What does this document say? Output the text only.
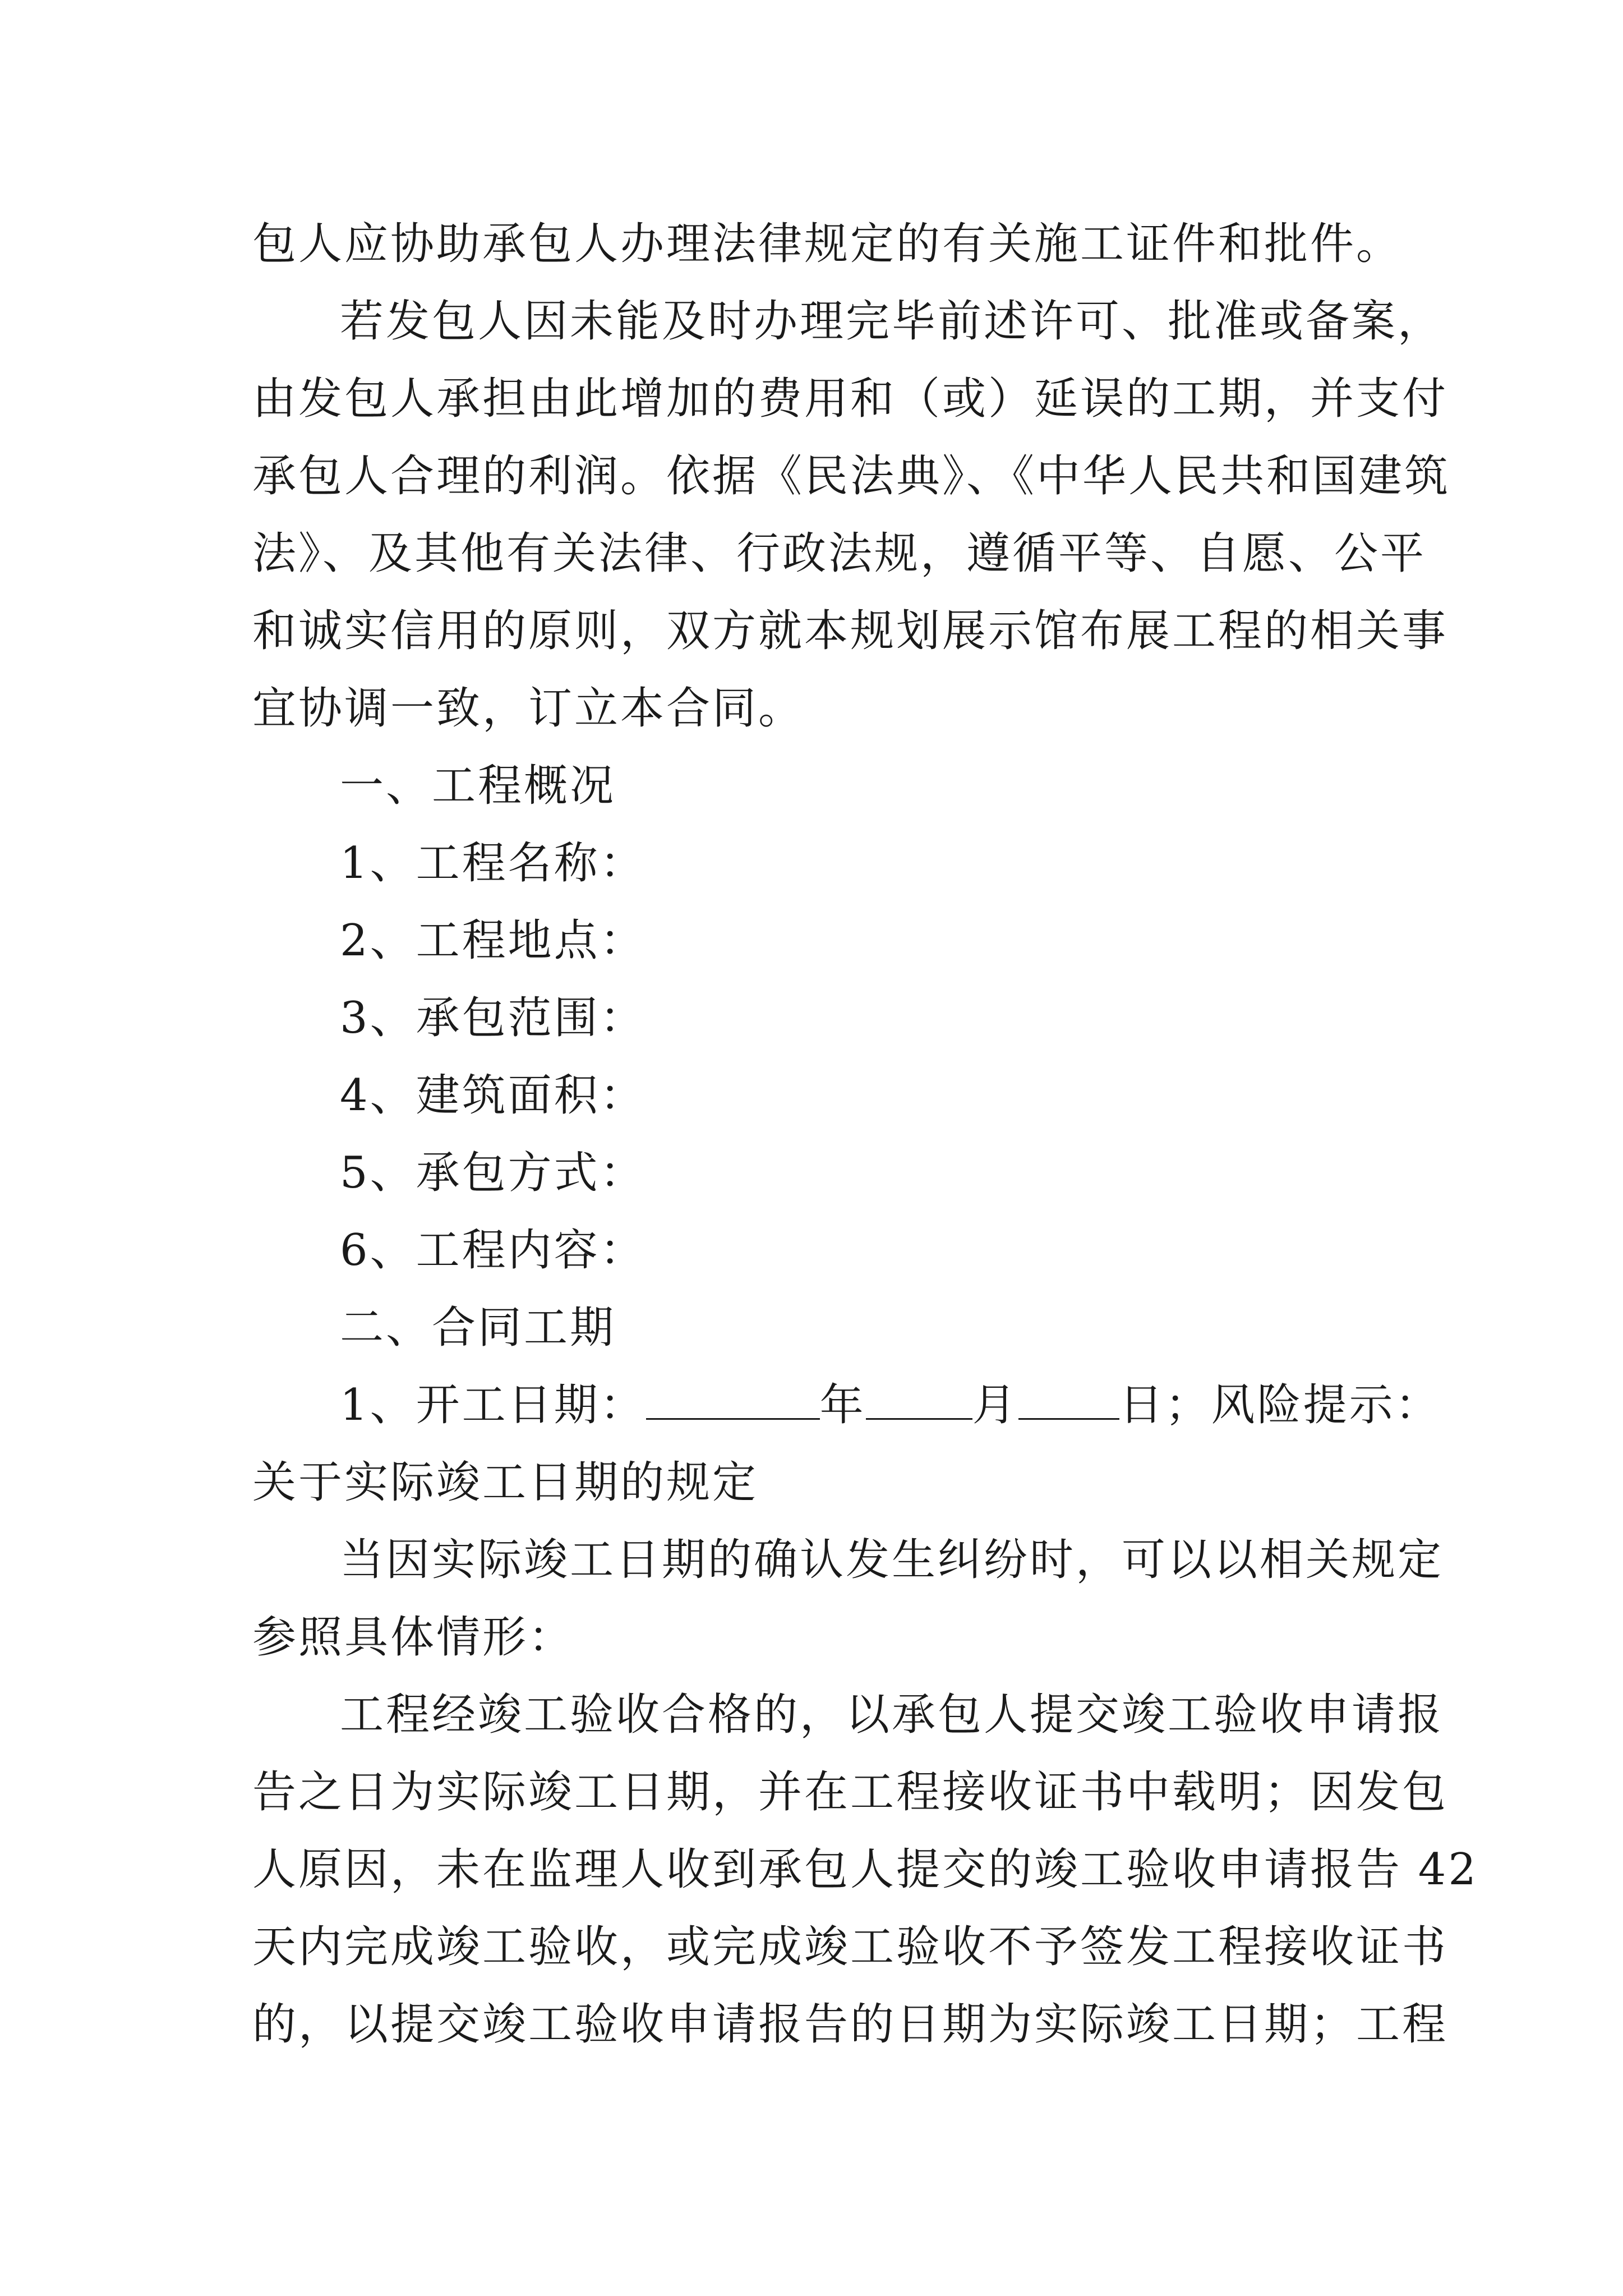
包人应协助承包人办理法律规定的有关施工证件和批件。
若发包人因未能及时办理完毕前述许可、批准或备案，
由发包人承担由此增加的费用和（或）延误的工期，并支付
承包人合理的利润。依据《民法典》、《中华人民共和国建筑
法》、及其他有关法律、行政法规，遵循平等、自愿、公平
和诚实信用的原则，双方就本规划展示馆布展工程的相关事
宜协调一致，订立本合同。
一、工程概况
1、工程名称：
2、工程地点：
3、承包范围：
4、建筑面积：
5、承包方式：
6、工程内容：
二、合同工期
1、开工日期：	年 月 日；风险提示：
关于实际竣工日期的规定
当因实际竣工日期的确认发生纠纷时，可以以相关规定
参照具体情形：
工程经竣工验收合格的，以承包人提交竣工验收申请报
告之日为实际竣工日期，并在工程接收证书中载明；因发包
人原因，未在监理人收到承包人提交的竣工验收申请报告 42
天内完成竣工验收，或完成竣工验收不予签发工程接收证书
的，以提交竣工验收申请报告的日期为实际竣工日期；工程
